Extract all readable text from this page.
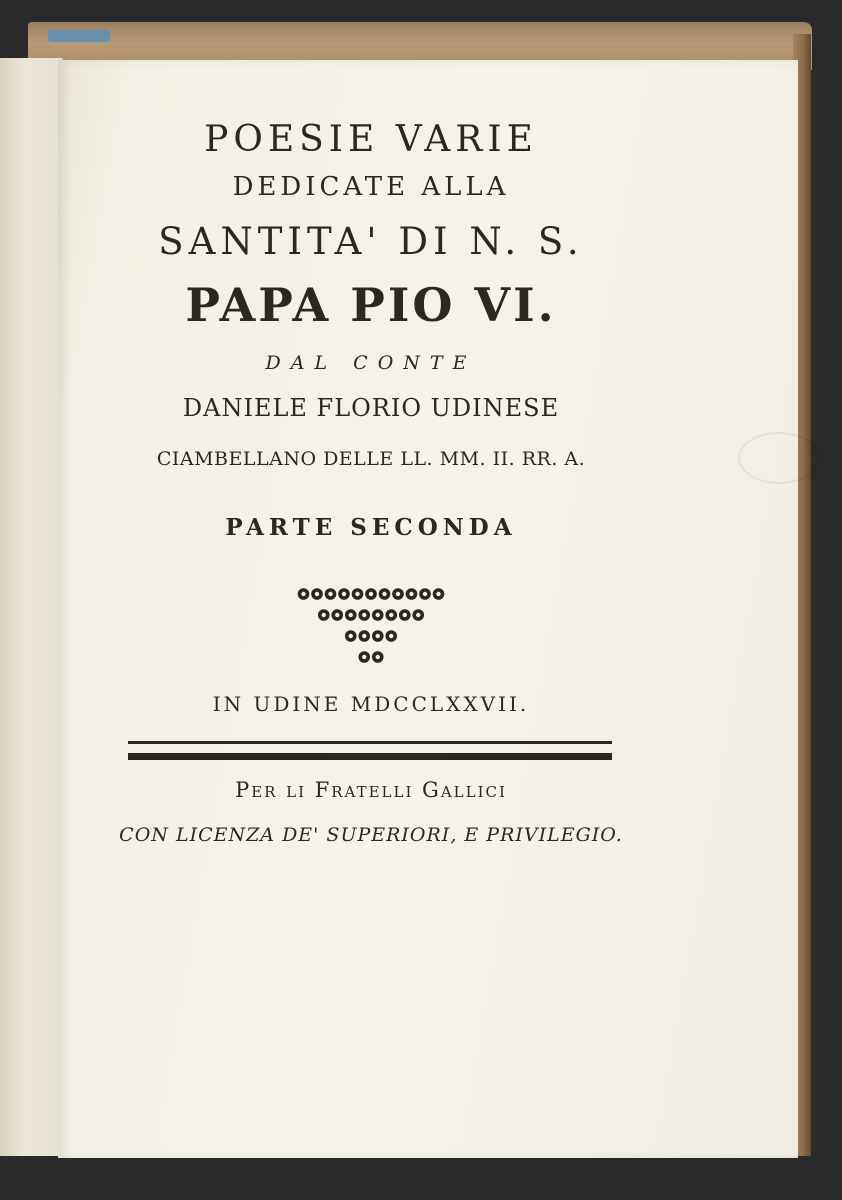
POESIE VARIE
DEDICATE ALLA
SANTITA' DI N. S.
PAPA PIO VI.
DAL CONTE
DANIELE FLORIO UDINESE
CIAMBELLANO DELLE LL. MM. II. RR. A.
PARTE SECONDA
IN UDINE MDCCLXXVII.
Per li Fratelli Gallici
CON LICENZA DE' SUPERIORI, E PRIVILEGIO.
